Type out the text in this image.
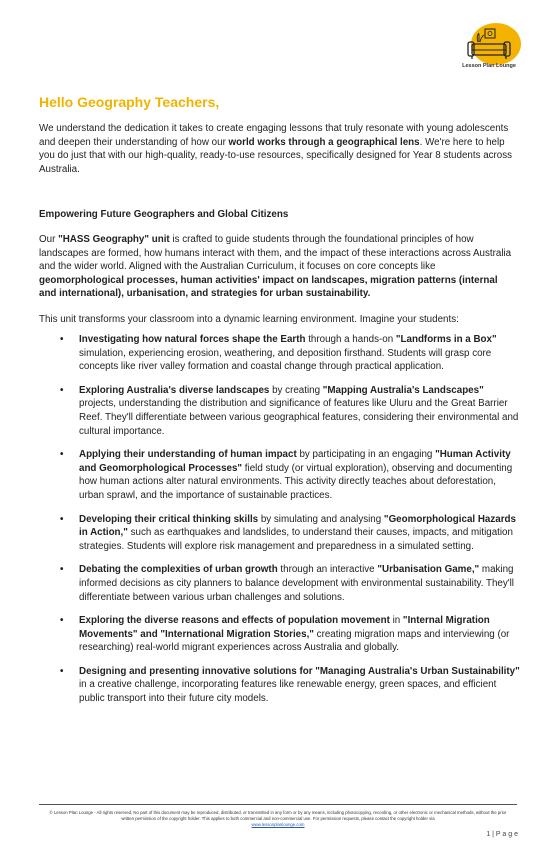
Lesson Plan Lounge
Hello Geography Teachers,

We understand the dedication it takes to create engaging lessons that truly resonate with young adolescents and deepen their understanding of how our world works through a geographical lens. We're here to help you do just that with our high-quality, ready-to-use resources, specifically designed for Year 8 students across Australia.

Empowering Future Geographers and Global Citizens

Our "HASS Geography" unit is crafted to guide students through the foundational principles of how landscapes are formed, how humans interact with them, and the impact of these interactions across Australia and the wider world. Aligned with the Australian Curriculum, it focuses on core concepts like geomorphological processes, human activities' impact on landscapes, migration patterns (internal and international), urbanisation, and strategies for urban sustainability.

This unit transforms your classroom into a dynamic learning environment. Imagine your students:

• Investigating how natural forces shape the Earth through a hands-on "Landforms in a Box" simulation, experiencing erosion, weathering, and deposition firsthand. Students will grasp core concepts like river valley formation and coastal change through practical application.
• Exploring Australia's diverse landscapes by creating "Mapping Australia's Landscapes" projects, understanding the distribution and significance of features like Uluru and the Great Barrier Reef. They'll differentiate between various geographical features, considering their environmental and cultural importance.
• Applying their understanding of human impact by participating in an engaging "Human Activity and Geomorphological Processes" field study (or virtual exploration), observing and documenting how human actions alter natural environments. This activity directly teaches about deforestation, urban sprawl, and the importance of sustainable practices.
• Developing their critical thinking skills by simulating and analysing "Geomorphological Hazards in Action," such as earthquakes and landslides, to understand their causes, impacts, and mitigation strategies. Students will explore risk management and preparedness in a simulated setting.
• Debating the complexities of urban growth through an interactive "Urbanisation Game," making informed decisions as city planners to balance development with environmental sustainability. They'll differentiate between various urban challenges and solutions.
• Exploring the diverse reasons and effects of population movement in "Internal Migration Movements" and "International Migration Stories," creating migration maps and interviewing (or researching) real-world migrant experiences across Australia and globally.
• Designing and presenting innovative solutions for "Managing Australia's Urban Sustainability" in a creative challenge, incorporating features like renewable energy, green spaces, and efficient public transport into their future city models.
© Lesson Plan Lounge - All rights reserved. No part of this document may be reproduced, distributed, or transmitted in any form or by any means, including photocopying, recording, or other electronic or mechanical methods, without the prior written permission of the copyright holder. This applies to both commercial and non-commercial use. For permission requests, please contact the copyright holder via
www.lessonplanlounge.com
1 | P a g e
